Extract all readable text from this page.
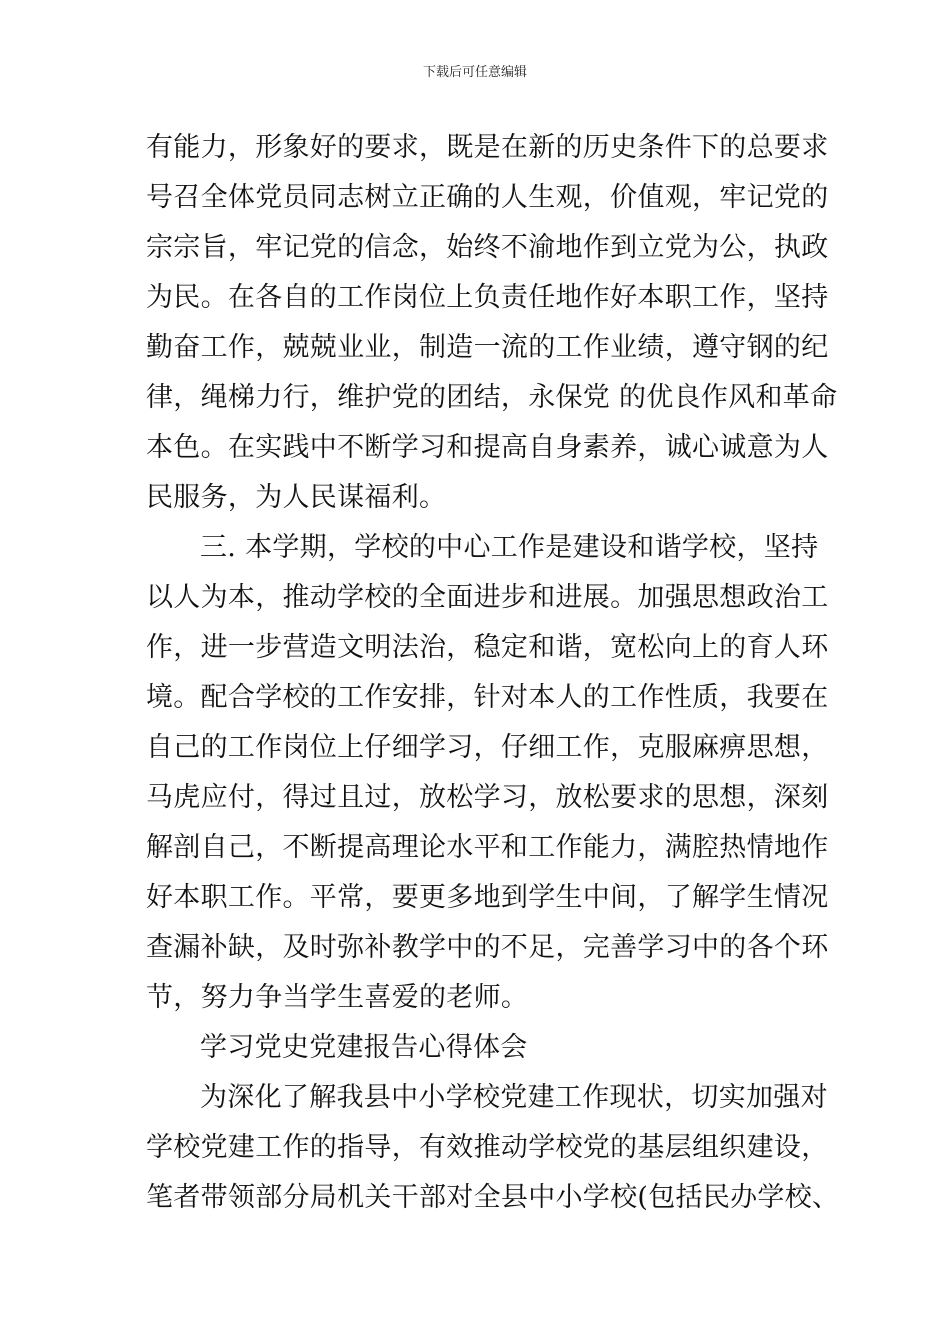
下载后可任意编辑
有能力，形象好的要求，既是在新的历史条件下的总要求
号召全体党员同志树立正确的人生观，价值观，牢记党的
宗宗旨，牢记党的信念，始终不渝地作到立党为公，执政
为民。在各自的工作岗位上负责任地作好本职工作，坚持
勤奋工作，兢兢业业，制造一流的工作业绩，遵守钢的纪
律，绳梯力行，维护党的团结，永保党 的优良作风和革命
本色。在实践中不断学习和提高自身素养，诚心诚意为人
民服务，为人民谋福利。
三. 本学期，学校的中心工作是建设和谐学校，坚持
以人为本，推动学校的全面进步和进展。加强思想政治工
作，进一步营造文明法治，稳定和谐，宽松向上的育人环
境。配合学校的工作安排，针对本人的工作性质，我要在
自己的工作岗位上仔细学习，仔细工作，克服麻痹思想，
马虎应付，得过且过，放松学习，放松要求的思想，深刻
解剖自己，不断提高理论水平和工作能力，满腔热情地作
好本职工作。平常，要更多地到学生中间，了解学生情况
查漏补缺，及时弥补教学中的不足，完善学习中的各个环
节，努力争当学生喜爱的老师。
学习党史党建报告心得体会
为深化了解我县中小学校党建工作现状，切实加强对
学校党建工作的指导，有效推动学校党的基层组织建设，
笔者带领部分局机关干部对全县中小学校(包括民办学校、
